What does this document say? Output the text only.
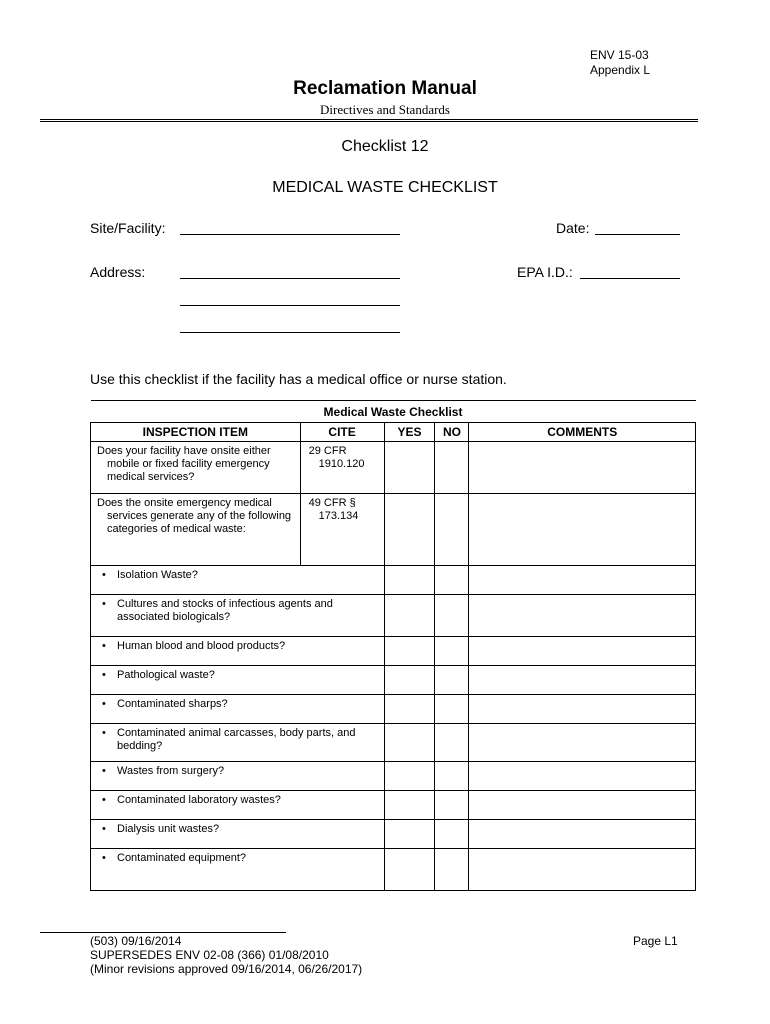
ENV 15-03
Appendix L
Reclamation Manual
Directives and Standards
Checklist 12
MEDICAL WASTE CHECKLIST
Site/Facility:	Date:
Address:	EPA I.D.:
Use this checklist if the facility has a medical office or nurse station.
Medical Waste Checklist				
INSPECTION ITEM	CITE	YES	NO	COMMENTS

Does your facility have onsite either mobile or fixed facility emergency medical services?	29 CFR 1910.120			

Does the onsite emergency medical services generate any of the following categories of medical waste:	49 CFR § 173.134			

• Isolation Waste?

• Cultures and stocks of infectious agents and associated biologicals?

• Human blood and blood products?

• Pathological waste?

• Contaminated sharps?

• Contaminated animal carcasses, body parts, and bedding?

• Wastes from surgery?

• Contaminated laboratory wastes?

• Dialysis unit wastes?

• Contaminated equipment?

(503) 09/16/2014
SUPERSEDES ENV 02-08 (366) 01/08/2010
(Minor revisions approved 09/16/2014, 06/26/2017)
Page L1
